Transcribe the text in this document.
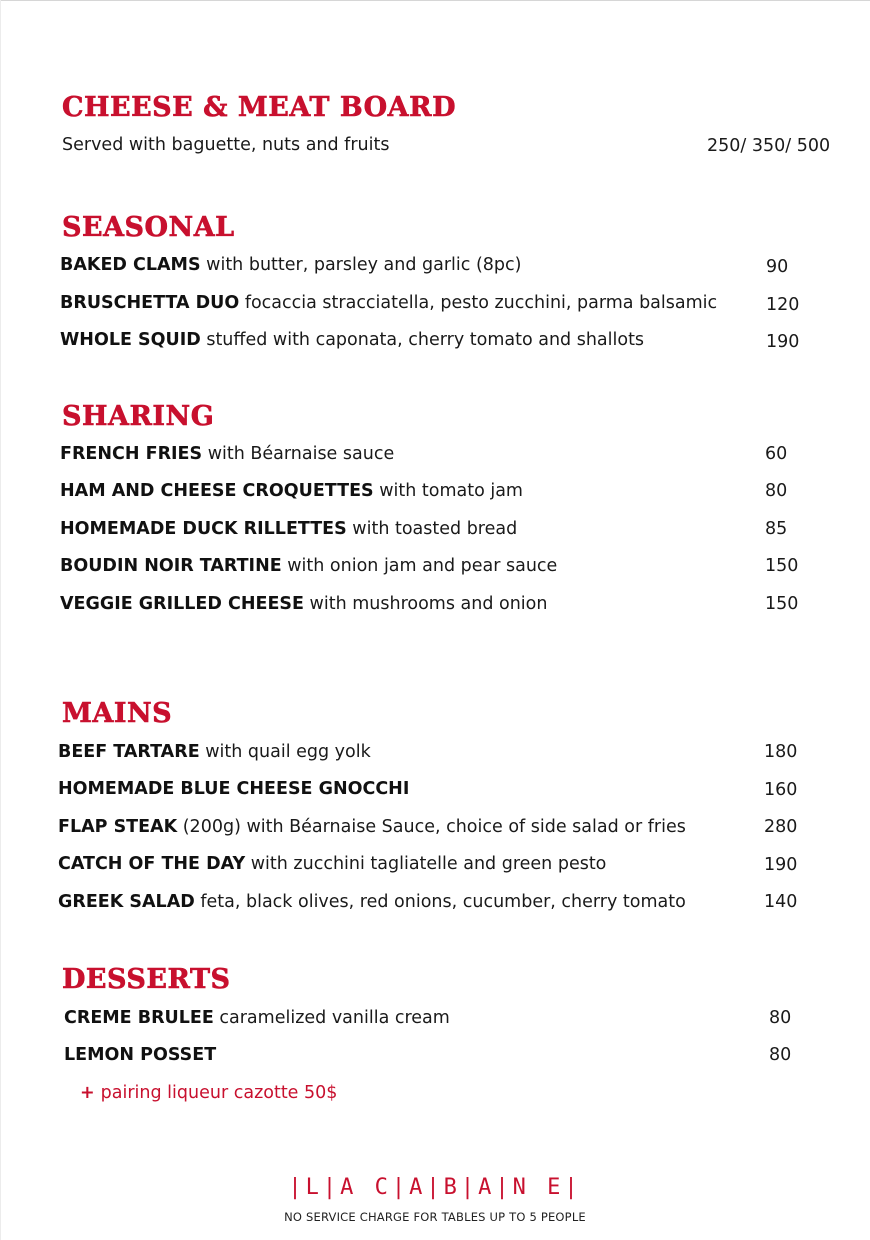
CHEESE & MEAT BOARD
Served with baguette, nuts and fruits	250/ 350/ 500
SEASONAL
BAKED CLAMS with butter, parsley and garlic (8pc)	90
BRUSCHETTA DUO focaccia stracciatella, pesto zucchini, parma balsamic	120
WHOLE SQUID stuffed with caponata, cherry tomato and shallots	190
SHARING
FRENCH FRIES with Béarnaise sauce	60
HAM AND CHEESE CROQUETTES with tomato jam	80
HOMEMADE DUCK RILLETTES with toasted bread	85
BOUDIN NOIR TARTINE with onion jam and pear sauce	150
VEGGIE GRILLED CHEESE with mushrooms and onion	150
MAINS
BEEF TARTARE with quail egg yolk	180
HOMEMADE BLUE CHEESE GNOCCHI	160
FLAP STEAK (200g) with Béarnaise Sauce, choice of side salad or fries	280
CATCH OF THE DAY with zucchini tagliatelle and green pesto	190
GREEK SALAD feta, black olives, red onions, cucumber, cherry tomato	140
DESSERTS
CREME BRULEE caramelized vanilla cream	80
LEMON POSSET	80
+ pairing liqueur cazotte 50$
|L|A C|A|B|A|N E|
NO SERVICE CHARGE FOR TABLES UP TO 5 PEOPLE
